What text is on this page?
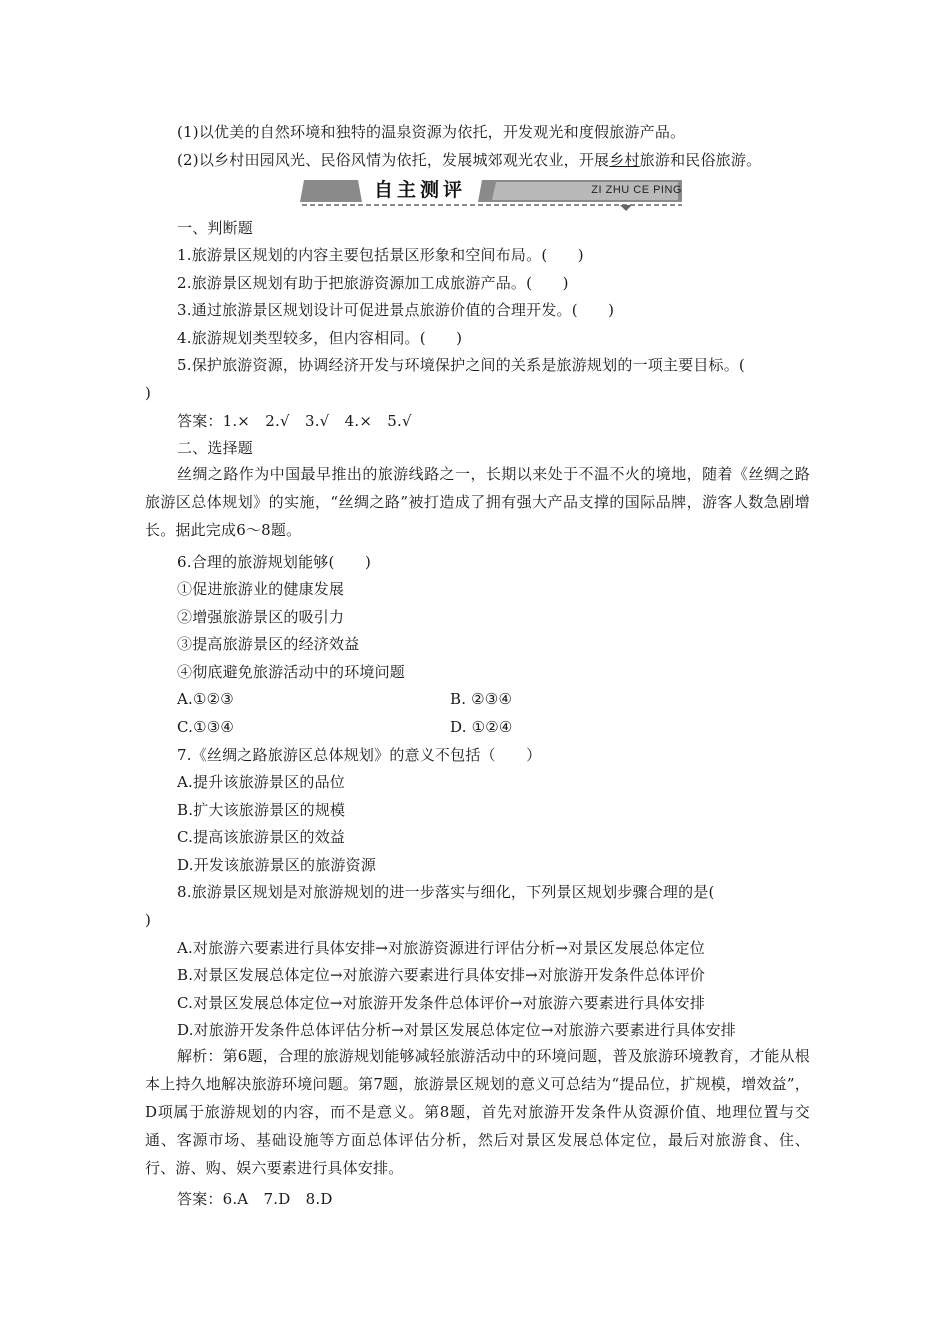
(1)以优美的自然环境和独特的温泉资源为依托，开发观光和度假旅游产品。
(2)以乡村田园风光、民俗风情为依托，发展城郊观光农业，开展乡村旅游和民俗旅游。
自主测评	ZI ZHU CE PING
一、判断题
1.旅游景区规划的内容主要包括景区形象和空间布局。(　　)
2.旅游景区规划有助于把旅游资源加工成旅游产品。(　　)
3.通过旅游景区规划设计可促进景点旅游价值的合理开发。(　　)
4.旅游规划类型较多，但内容相同。(　　)
5.保护旅游资源，协调经济开发与环境保护之间的关系是旅游规划的一项主要目标。(
)
答案：1.×　2.√　3.√　4.×　5.√
二、选择题
丝绸之路作为中国最早推出的旅游线路之一，长期以来处于不温不火的境地，随着《丝绸之路旅游区总体规划》的实施，“丝绸之路”被打造成了拥有强大产品支撑的国际品牌，游客人数急剧增长。据此完成6～8题。
6.合理的旅游规划能够(　　)
①促进旅游业的健康发展
②增强旅游景区的吸引力
③提高旅游景区的经济效益
④彻底避免旅游活动中的环境问题
A.①②③	B. ②③④
C.①③④	D. ①②④
7.《丝绸之路旅游区总体规划》的意义不包括（　　）
A.提升该旅游景区的品位
B.扩大该旅游景区的规模
C.提高该旅游景区的效益
D.开发该旅游景区的旅游资源
8.旅游景区规划是对旅游规划的进一步落实与细化，下列景区规划步骤合理的是(
)
A.对旅游六要素进行具体安排→对旅游资源进行评估分析→对景区发展总体定位
B.对景区发展总体定位→对旅游六要素进行具体安排→对旅游开发条件总体评价
C.对景区发展总体定位→对旅游开发条件总体评价→对旅游六要素进行具体安排
D.对旅游开发条件总体评估分析→对景区发展总体定位→对旅游六要素进行具体安排
解析：第6题，合理的旅游规划能够减轻旅游活动中的环境问题，普及旅游环境教育，才能从根本上持久地解决旅游环境问题。第7题，旅游景区规划的意义可总结为“提品位，扩规模，增效益”，D项属于旅游规划的内容，而不是意义。第8题，首先对旅游开发条件从资源价值、地理位置与交通、客源市场、基础设施等方面总体评估分析，然后对景区发展总体定位，最后对旅游食、住、行、游、购、娱六要素进行具体安排。
答案：6.A　7.D　8.D
